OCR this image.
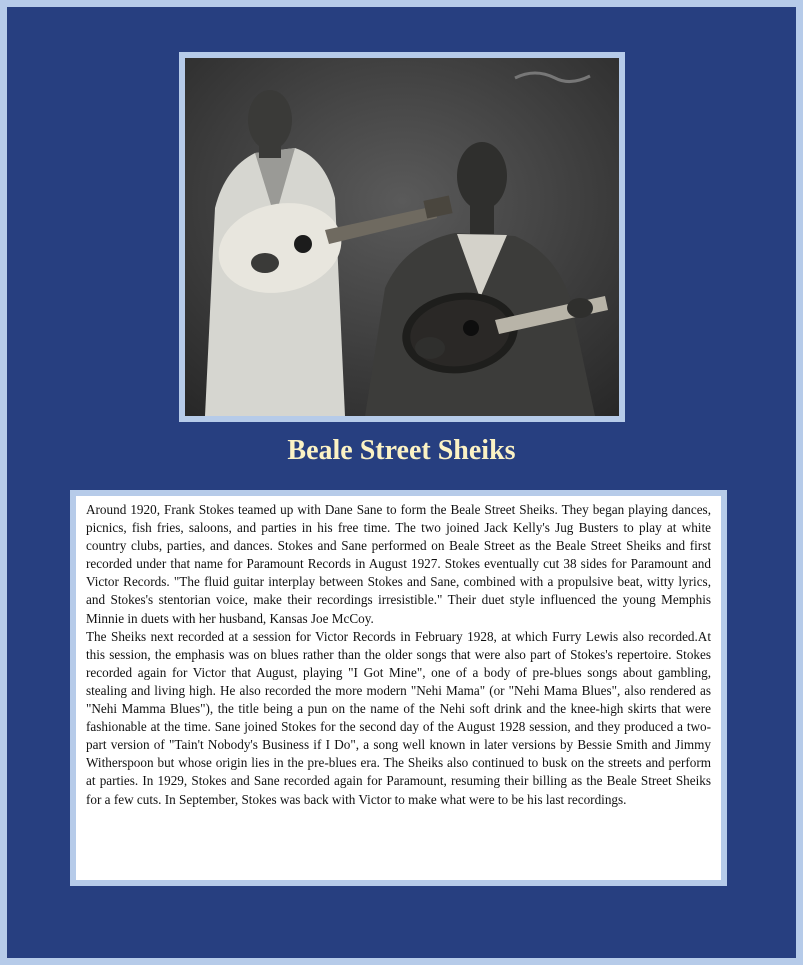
Beale Street Sheiks

Around 1920, Frank Stokes teamed up with Dane Sane to form the Beale Street Sheiks. They began playing dances, picnics, fish fries, saloons, and parties in his free time. The two joined Jack Kelly's Jug Busters to play at white country clubs, parties, and dances. Stokes and Sane performed on Beale Street as the Beale Street Sheiks and first recorded under that name for Paramount Records in August 1927. Stokes eventually cut 38 sides for Paramount and Victor Records. "The fluid guitar interplay between Stokes and Sane, combined with a propulsive beat, witty lyrics, and Stokes's stentorian voice, make their recordings irresistible." Their duet style influenced the young Memphis Minnie in duets with her husband, Kansas Joe McCoy.

The Sheiks next recorded at a session for Victor Records in February 1928, at which Furry Lewis also recorded.At this session, the emphasis was on blues rather than the older songs that were also part of Stokes's repertoire. Stokes recorded again for Victor that August, playing "I Got Mine", one of a body of pre-blues songs about gambling, stealing and living high. He also recorded the more modern "Nehi Mama" (or "Nehi Mama Blues", also rendered as "Nehi Mamma Blues"), the title being a pun on the name of the Nehi soft drink and the knee-high skirts that were fashionable at the time. Sane joined Stokes for the second day of the August 1928 session, and they produced a two-part version of "Tain't Nobody's Business if I Do", a song well known in later versions by Bessie Smith and Jimmy Witherspoon but whose origin lies in the pre-blues era. The Sheiks also continued to busk on the streets and perform at parties. In 1929, Stokes and Sane recorded again for Paramount, resuming their billing as the Beale Street Sheiks for a few cuts. In September, Stokes was back with Victor to make what were to be his last recordings.
